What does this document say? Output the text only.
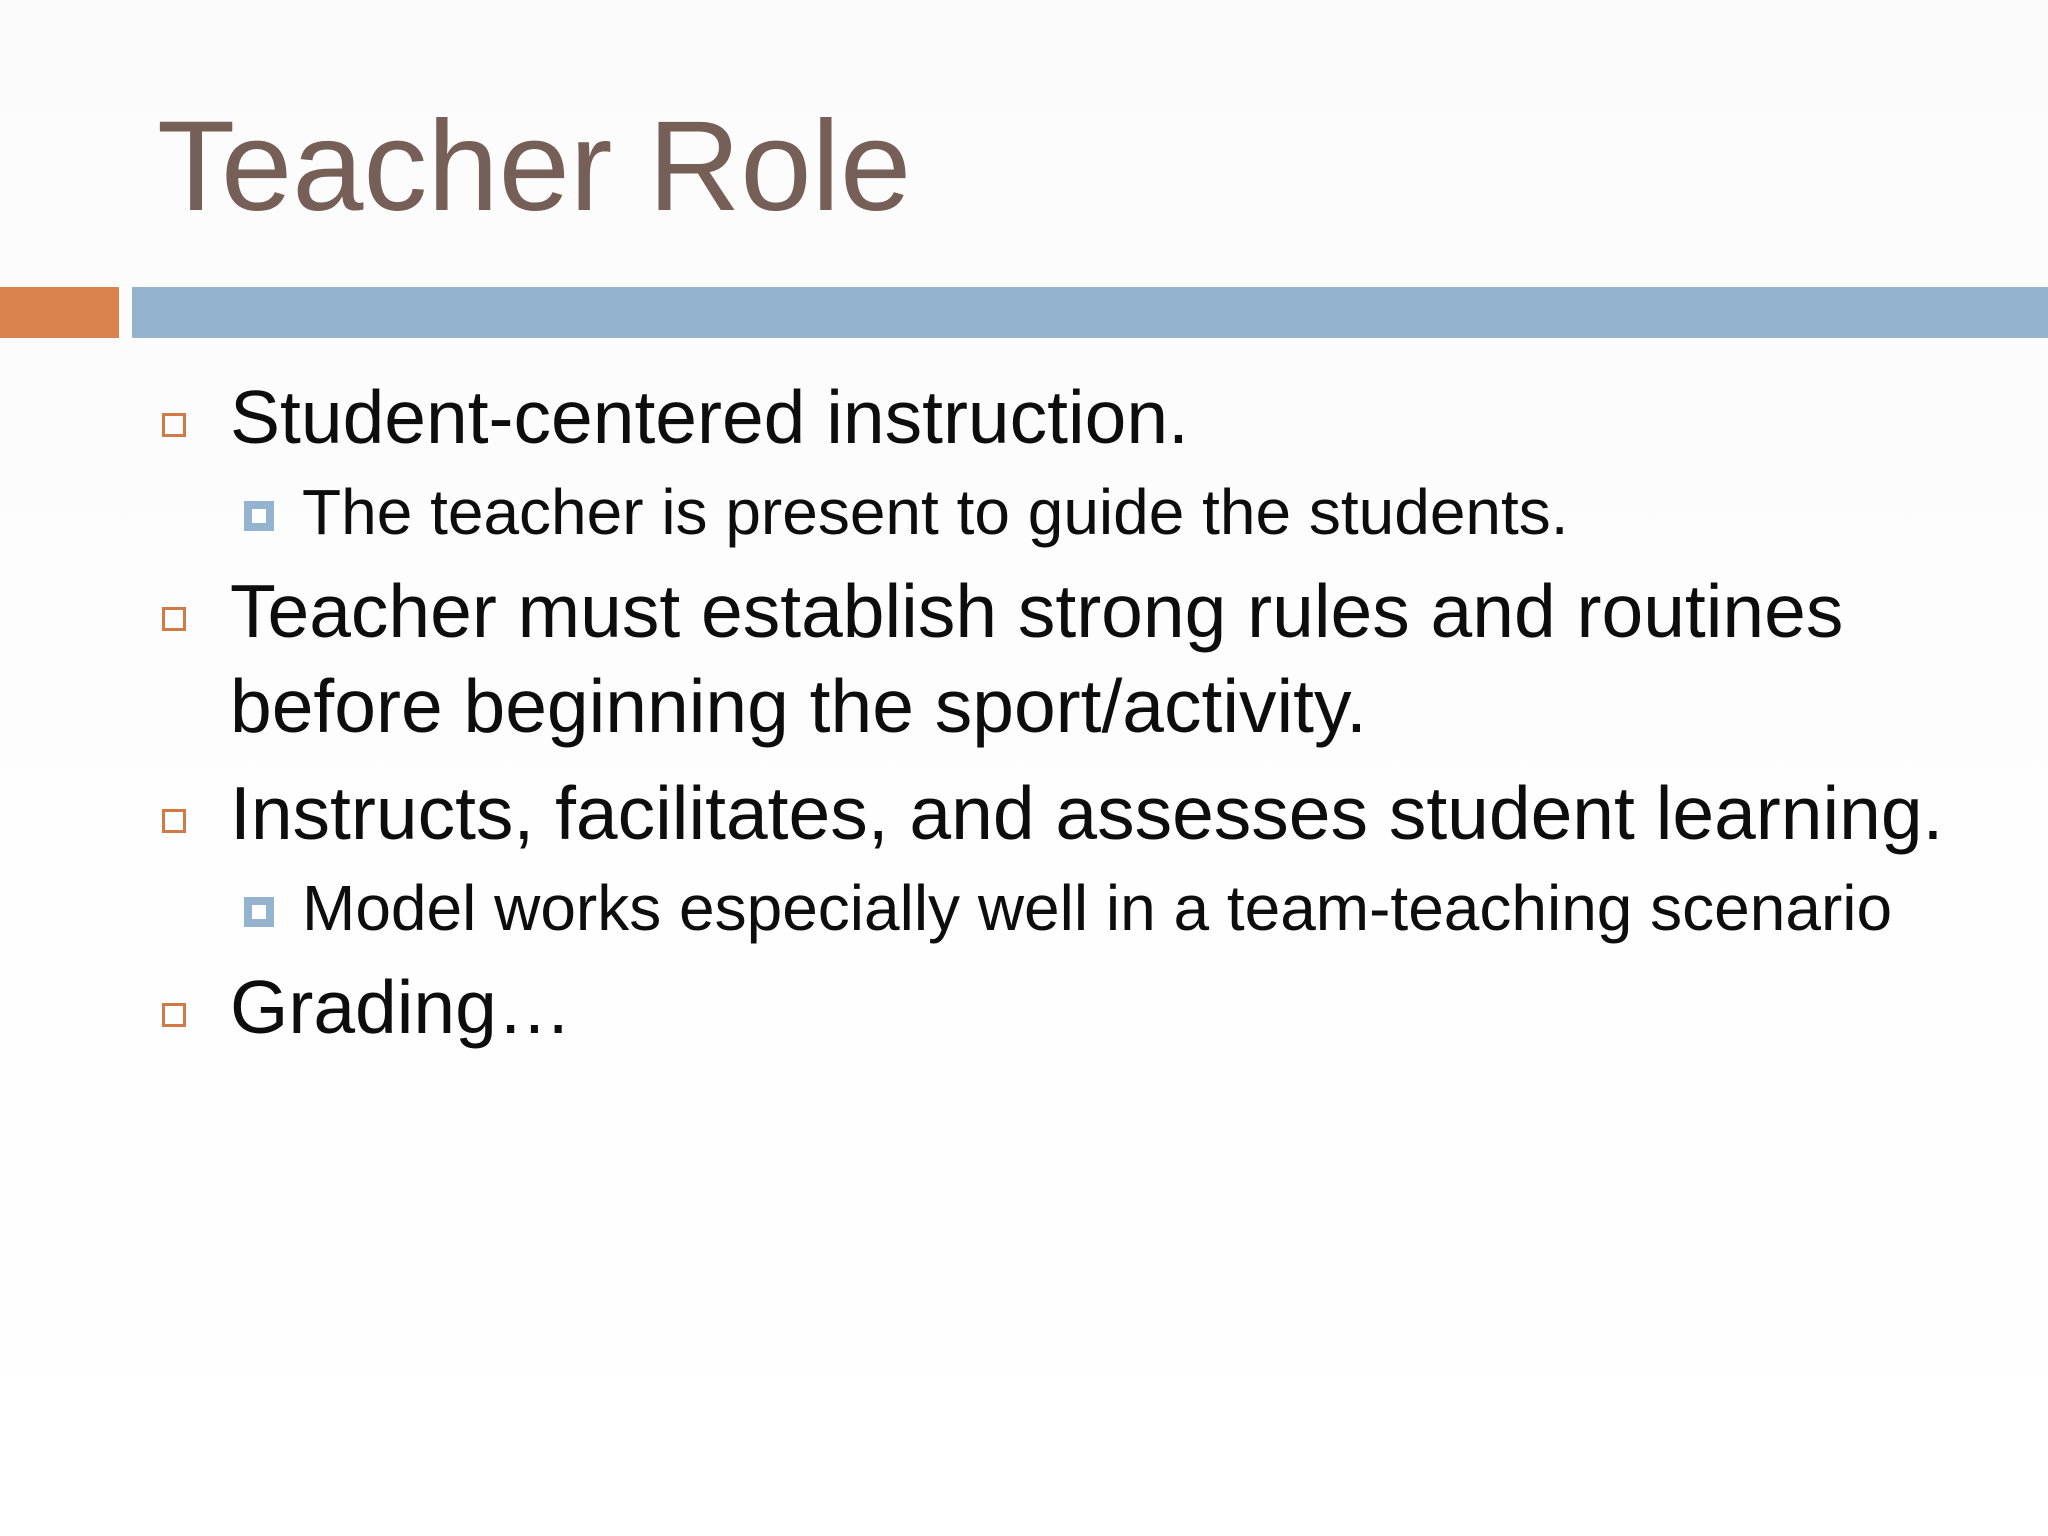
Teacher Role
Student-centered instruction.
The teacher is present to guide the students.
Teacher must establish strong rules and routines before beginning the sport/activity.
Instructs, facilitates, and assesses student learning.
Model works especially well in a team-teaching scenario
Grading…
